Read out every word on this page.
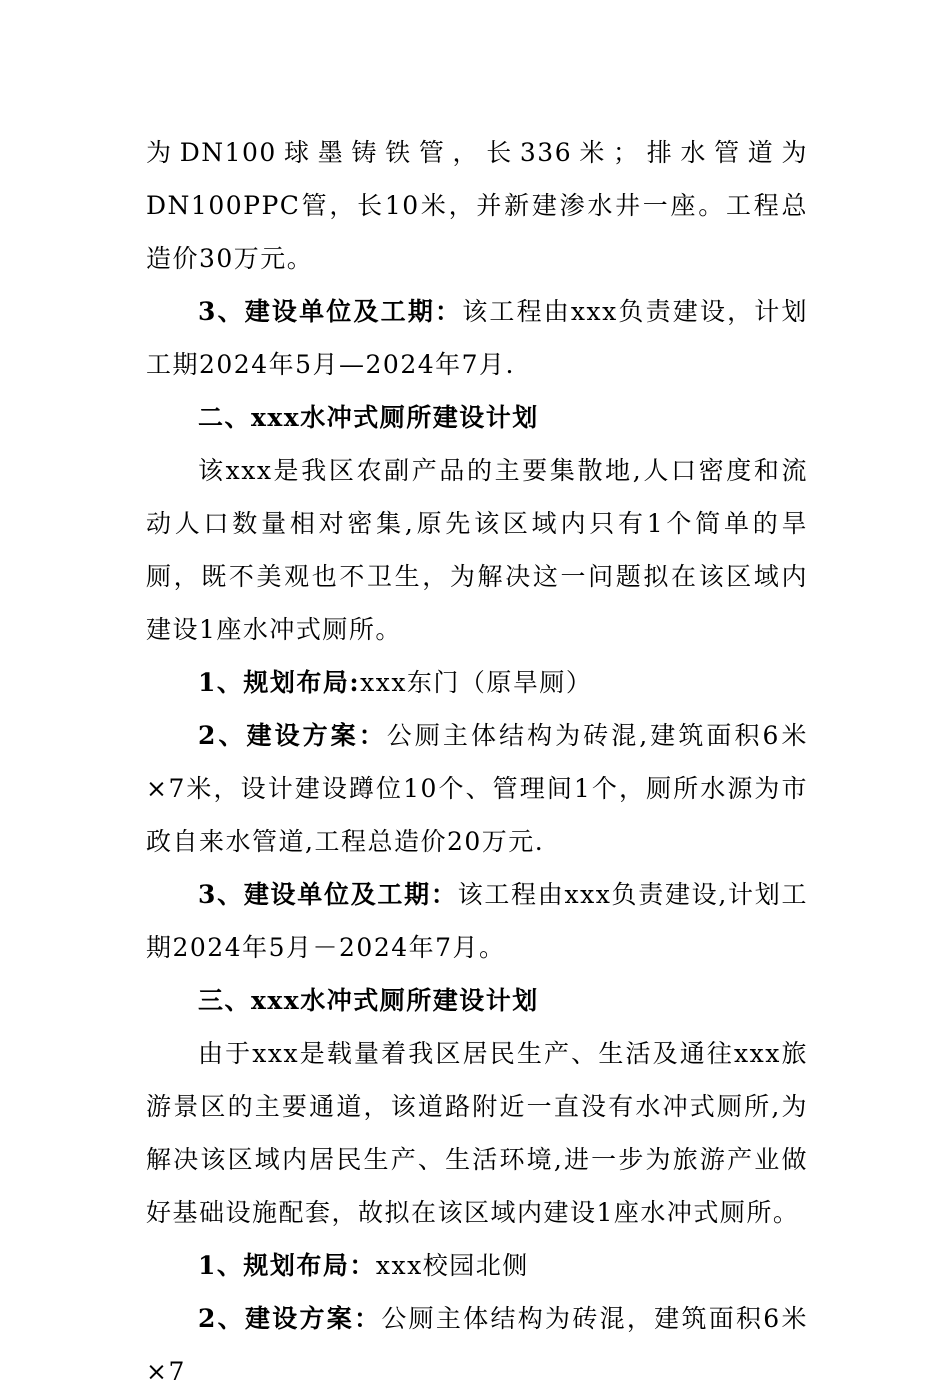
为DN100球墨铸铁管，长336米；排水管道为DN100PPC管，长10米，并新建渗水井一座。工程总造价30万元。

3、建设单位及工期：该工程由xxx负责建设，计划工期2024年5月—2024年7月.

二、xxx水冲式厕所建设计划

该xxx是我区农副产品的主要集散地,人口密度和流动人口数量相对密集,原先该区域内只有1个简单的旱厕，既不美观也不卫生，为解决这一问题拟在该区域内建设1座水冲式厕所。

1、规划布局:xxx东门（原旱厕）

2、建设方案：公厕主体结构为砖混,建筑面积6米×7米，设计建设蹲位10个、管理间1个，厕所水源为市政自来水管道,工程总造价20万元.

3、建设单位及工期：该工程由xxx负责建设,计划工期2024年5月－2024年7月。

三、xxx水冲式厕所建设计划

由于xxx是载量着我区居民生产、生活及通往xxx旅游景区的主要通道，该道路附近一直没有水冲式厕所,为解决该区域内居民生产、生活环境,进一步为旅游产业做好基础设施配套，故拟在该区域内建设1座水冲式厕所。

1、规划布局：xxx校园北侧

2、建设方案：公厕主体结构为砖混，建筑面积6米×7
